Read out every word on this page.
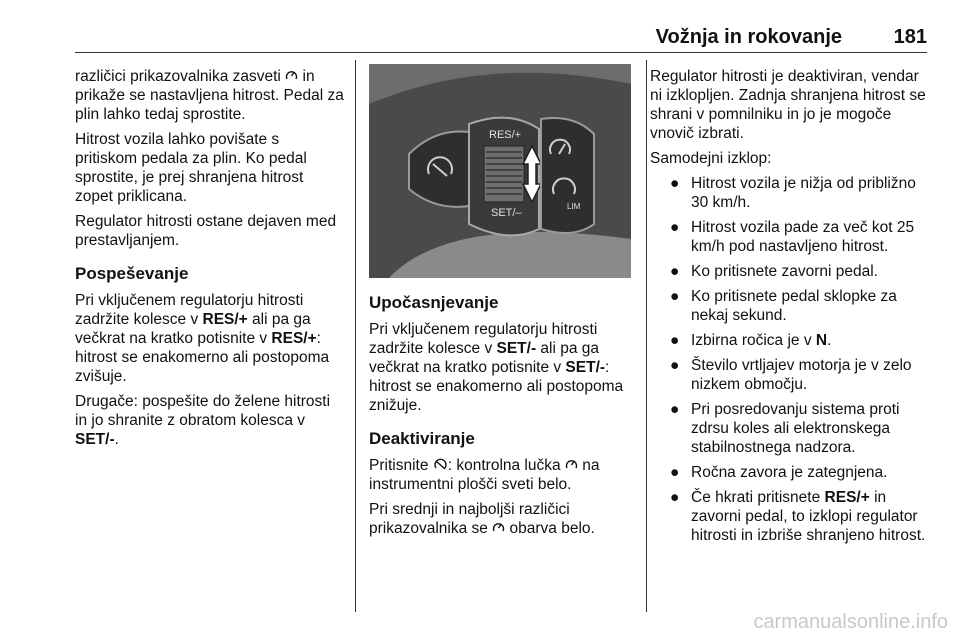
Vožnja in rokovanje	181

različici prikazovalnika zasveti  in prikaže se nastavljena hitrost. Pedal za plin lahko tedaj sprostite.

Hitrost vozila lahko povišate s pritiskom pedala za plin. Ko pedal sprostite, je prej shranjena hitrost zopet priklicana.

Regulator hitrosti ostane dejaven med prestavljanjem.

Pospeševanje

Pri vključenem regulatorju hitrosti zadržite kolesce v RES/+ ali pa ga večkrat na kratko potisnite v RES/+: hitrost se enakomerno ali postopoma zvišuje.

Drugače: pospešite do želene hitrosti in jo shranite z obratom kolesca v SET/-.

RES/+
SET/–
LIM
Upočasnjevanje

Pri vključenem regulatorju hitrosti zadržite kolesce v SET/- ali pa ga večkrat na kratko potisnite v SET/-: hitrost se enakomerno ali postopoma znižuje.

Deaktiviranje

Pritisnite : kontrolna lučka  na instrumentni plošči sveti belo.

Pri srednji in najboljši različici prikazovalnika se  obarva belo.

Regulator hitrosti je deaktiviran, vendar ni izklopljen. Zadnja shranjena hitrost se shrani v pomnilniku in jo je mogoče vnovič izbrati.

Samodejni izklop:

● Hitrost vozila je nižja od približno 30 km/h.
● Hitrost vozila pade za več kot 25 km/h pod nastavljeno hitrost.
● Ko pritisnete zavorni pedal.
● Ko pritisnete pedal sklopke za nekaj sekund.
● Izbirna ročica je v N.
● Število vrtljajev motorja je v zelo nizkem območju.
● Pri posredovanju sistema proti zdrsu koles ali elektronskega stabilnostnega nadzora.
● Ročna zavora je zategnjena.
● Če hkrati pritisnete RES/+ in zavorni pedal, to izklopi regulator hitrosti in izbriše shranjeno hitrost.
carmanualsonline.info
